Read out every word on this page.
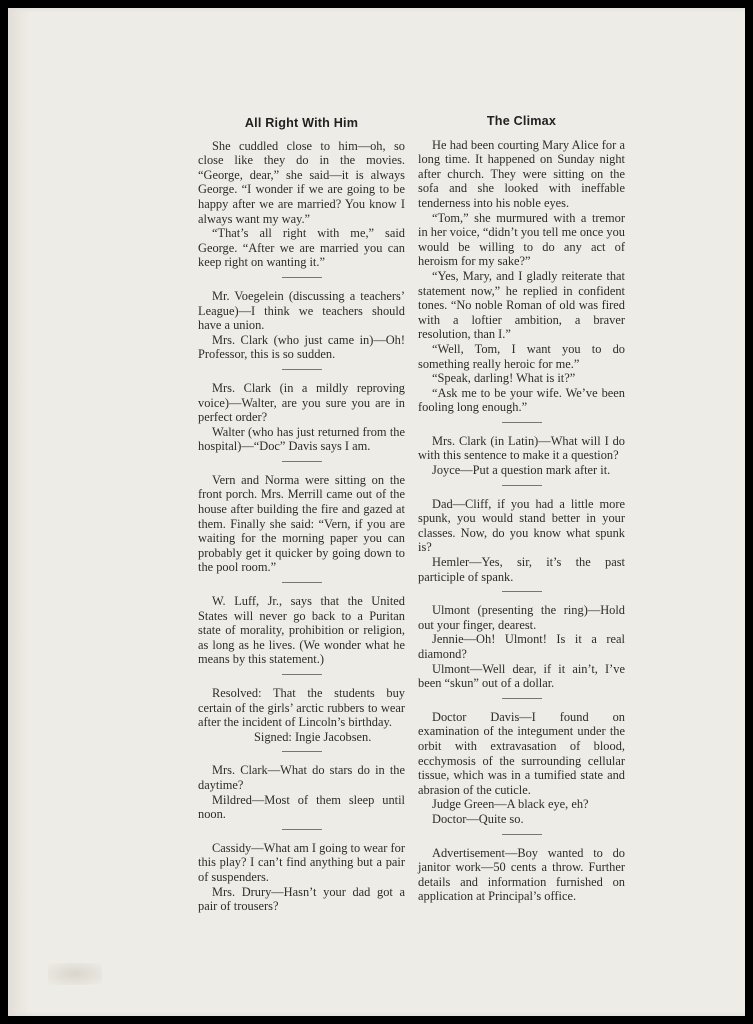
All Right With Him

She cuddled close to him—oh, so close like they do in the movies. “George, dear,” she said—it is always George. “I wonder if we are going to be happy after we are married? You know I always want my way.”

“That’s all right with me,” said George. “After we are married you can keep right on wanting it.”

Mr. Voegelein (discussing a teachers’ League)—I think we teachers should have a union.

Mrs. Clark (who just came in)—Oh! Professor, this is so sudden.

Mrs. Clark (in a mildly reproving voice)—Walter, are you sure you are in perfect order?

Walter (who has just returned from the hospital)—“Doc” Davis says I am.

Vern and Norma were sitting on the front porch. Mrs. Merrill came out of the house after building the fire and gazed at them. Finally she said: “Vern, if you are waiting for the morning paper you can probably get it quicker by going down to the pool room.”

W. Luff, Jr., says that the United States will never go back to a Puritan state of morality, prohibition or religion, as long as he lives. (We wonder what he means by this statement.)

Resolved: That the students buy certain of the girls’ arctic rubbers to wear after the incident of Lincoln’s birthday.

Signed: Ingie Jacobsen.

Mrs. Clark—What do stars do in the daytime?

Mildred—Most of them sleep until noon.

Cassidy—What am I going to wear for this play? I can’t find anything but a pair of suspenders.

Mrs. Drury—Hasn’t your dad got a pair of trousers?

The Climax

He had been courting Mary Alice for a long time. It happened on Sunday night after church. They were sitting on the sofa and she looked with ineffable tenderness into his noble eyes.

“Tom,” she murmured with a tremor in her voice, “didn’t you tell me once you would be willing to do any act of heroism for my sake?”

“Yes, Mary, and I gladly reiterate that statement now,” he replied in confident tones. “No noble Roman of old was fired with a loftier ambition, a braver resolution, than I.”

“Well, Tom, I want you to do something really heroic for me.”

“Speak, darling! What is it?”

“Ask me to be your wife. We’ve been fooling long enough.”

Mrs. Clark (in Latin)—What will I do with this sentence to make it a question?

Joyce—Put a question mark after it.

Dad—Cliff, if you had a little more spunk, you would stand better in your classes. Now, do you know what spunk is?

Hemler—Yes, sir, it’s the past participle of spank.

Ulmont (presenting the ring)—Hold out your finger, dearest.

Jennie—Oh! Ulmont! Is it a real diamond?

Ulmont—Well dear, if it ain’t, I’ve been “skun” out of a dollar.

Doctor Davis—I found on examination of the integument under the orbit with extravasation of blood, ecchymosis of the surrounding cellular tissue, which was in a tumified state and abrasion of the cuticle.

Judge Green—A black eye, eh?

Doctor—Quite so.

Advertisement—Boy wanted to do janitor work—50 cents a throw. Further details and information furnished on application at Principal’s office.
